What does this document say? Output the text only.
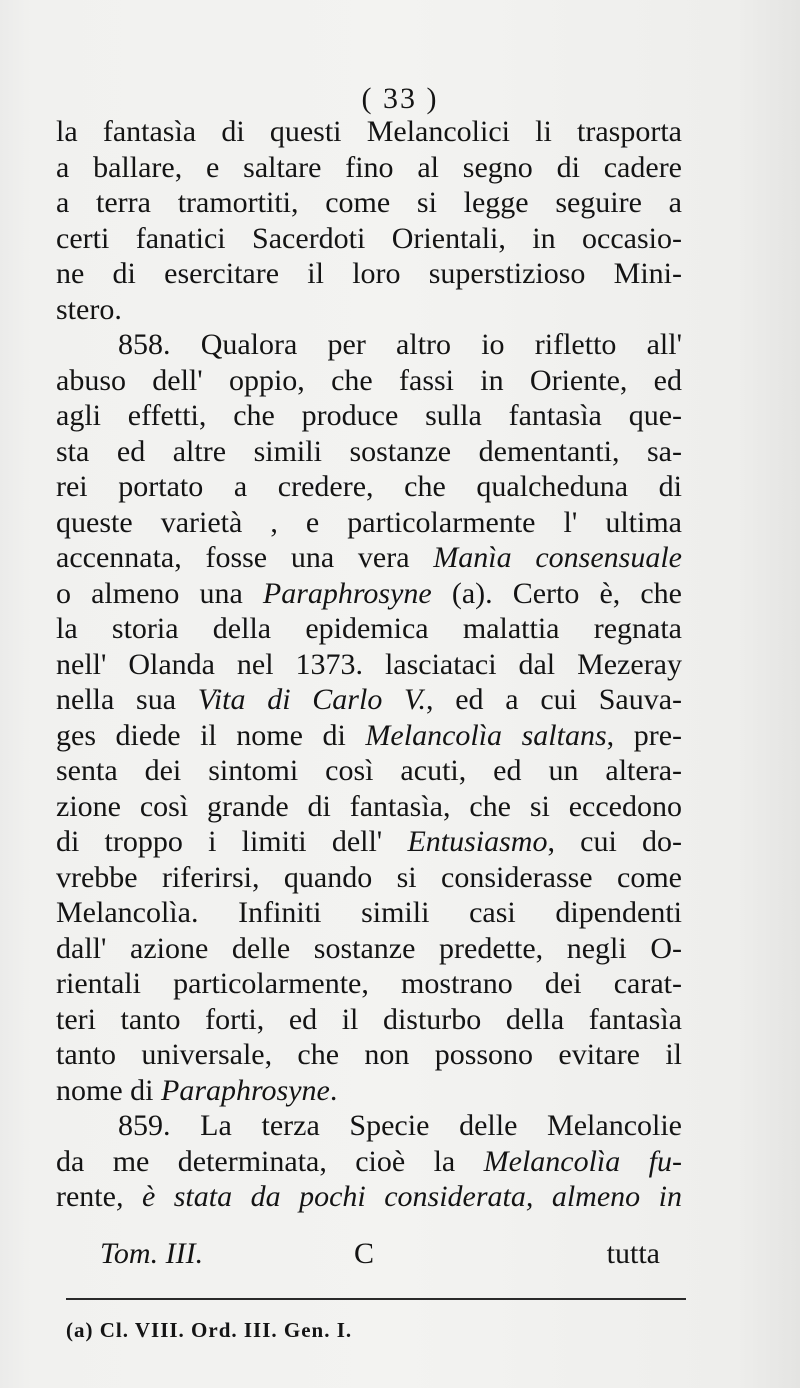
( 33 )
la fantasìa di questi Melancolici li trasporta
a ballare, e saltare fino al segno di cadere
a terra tramortiti, come si legge seguire a
certi fanatici Sacerdoti Orientali, in occasio-
ne di esercitare il loro superstizioso Mini-
stero.
858. Qualora per altro io rifletto all'
abuso dell' oppio, che fassi in Oriente, ed
agli effetti, che produce sulla fantasìa que-
sta ed altre simili sostanze dementanti, sa-
rei portato a credere, che qualcheduna di
queste varietà , e particolarmente l' ultima
accennata, fosse una vera Manìa consensuale
o almeno una Paraphrosyne (a). Certo è, che
la storia della epidemica malattia regnata
nell' Olanda nel 1373. lasciataci dal Mezeray
nella sua Vita di Carlo V., ed a cui Sauva-
ges diede il nome di Melancolìa saltans, pre-
senta dei sintomi così acuti, ed un altera-
zione così grande di fantasìa, che si eccedono
di troppo i limiti dell' Entusiasmo, cui do-
vrebbe riferirsi, quando si considerasse come
Melancolìa. Infiniti simili casi dipendenti
dall' azione delle sostanze predette, negli O-
rientali particolarmente, mostrano dei carat-
teri tanto forti, ed il disturbo della fantasìa
tanto universale, che non possono evitare il
nome di Paraphrosyne.
859. La terza Specie delle Melancolie
da me determinata, cioè la Melancolìa fu-
rente, è stata da pochi considerata, almeno in
Tom. III.	C	tutta
(a) Cl. VIII. Ord. III. Gen. I.
